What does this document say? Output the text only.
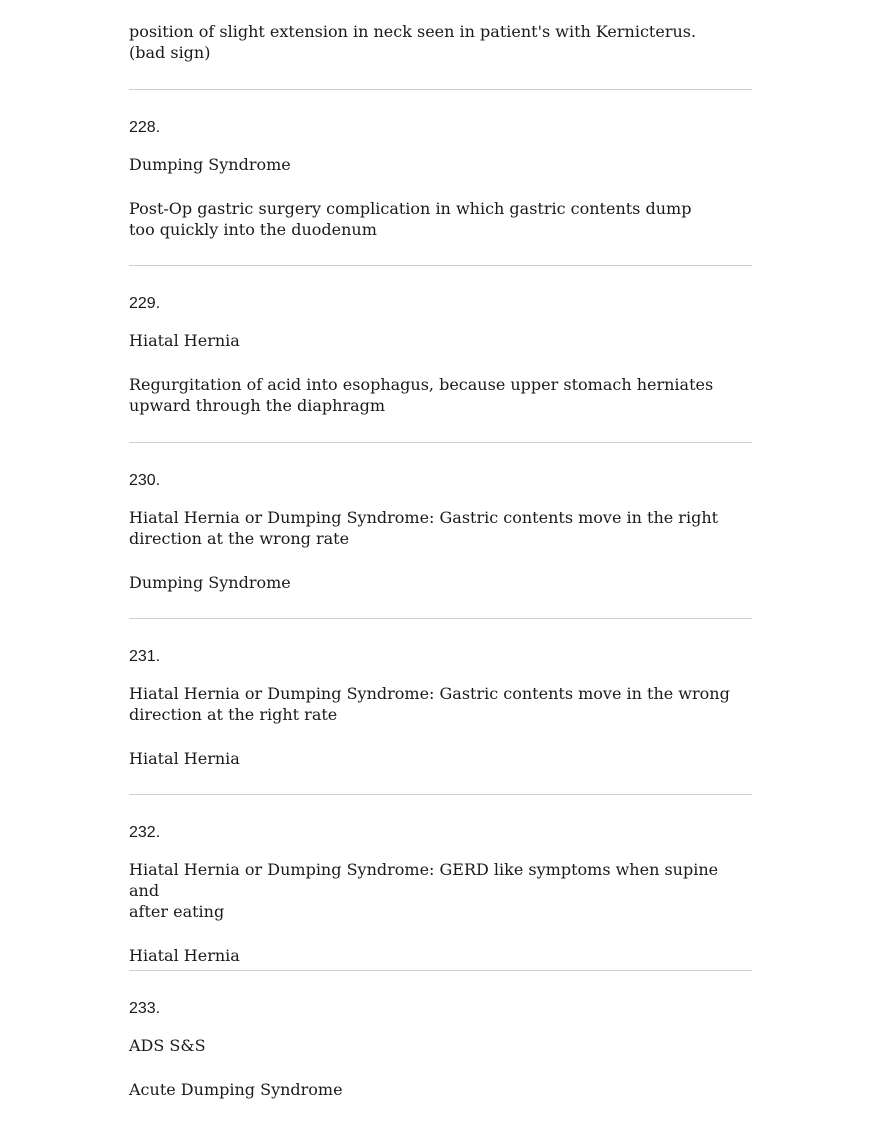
position of slight extension in neck seen in patient's with Kernicterus.
(bad sign)

228.

Dumping Syndrome

Post-Op gastric surgery complication in which gastric contents dump
too quickly into the duodenum

229.

Hiatal Hernia

Regurgitation of acid into esophagus, because upper stomach herniates
upward through the diaphragm

230.

Hiatal Hernia or Dumping Syndrome: Gastric contents move in the right
direction at the wrong rate

Dumping Syndrome

231.

Hiatal Hernia or Dumping Syndrome: Gastric contents move in the wrong
direction at the right rate

Hiatal Hernia

232.

Hiatal Hernia or Dumping Syndrome: GERD like symptoms when supine and
after eating

Hiatal Hernia

233.

ADS S&S

Acute Dumping Syndrome
